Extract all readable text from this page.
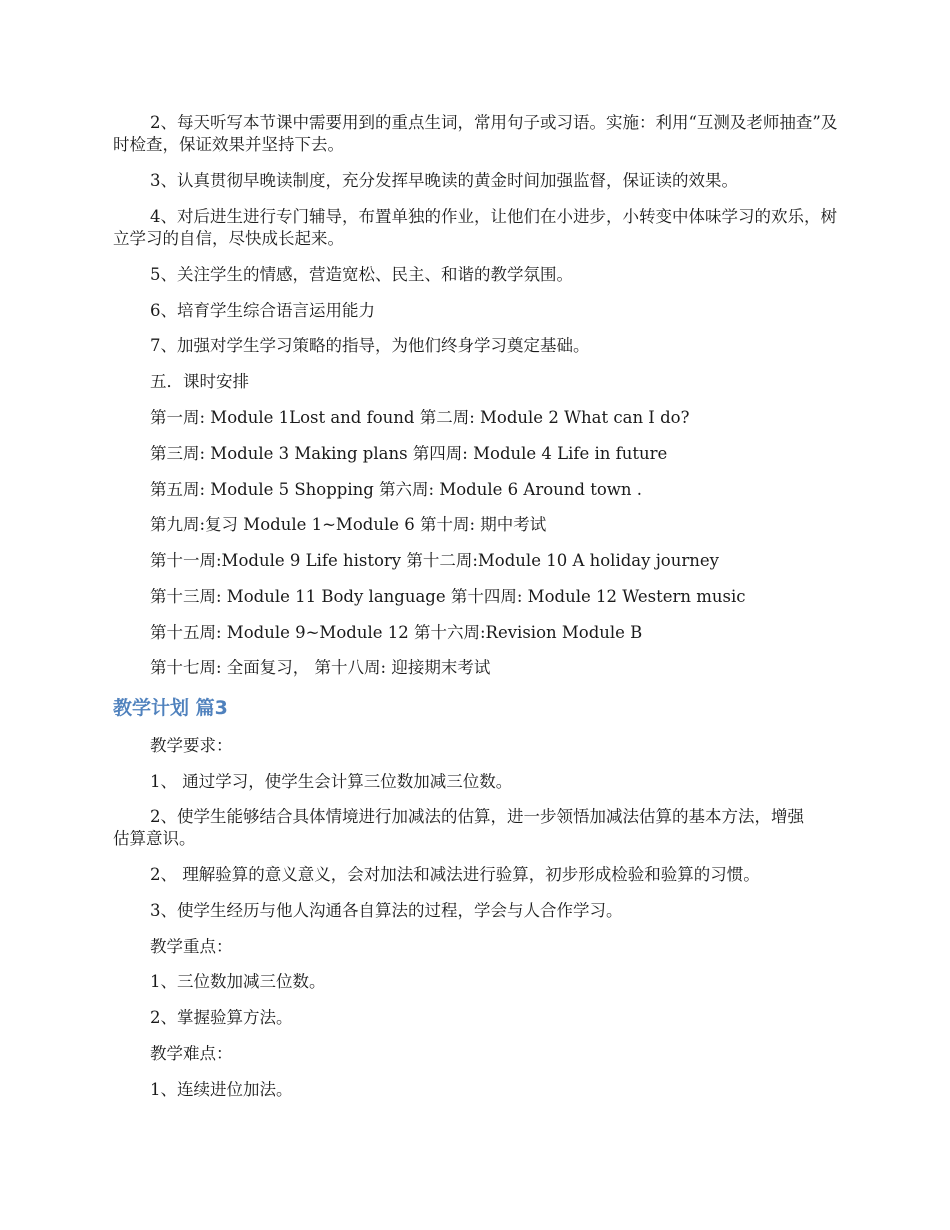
2、每天听写本节课中需要用到的重点生词，常用句子或习语。实施：利用“互测及老师抽查”及时检查，保证效果并坚持下去。
3、认真贯彻早晚读制度，充分发挥早晚读的黄金时间加强监督，保证读的效果。
4、对后进生进行专门辅导，布置单独的作业，让他们在小进步，小转变中体味学习的欢乐，树立学习的自信，尽快成长起来。
5、关注学生的情感，营造宽松、民主、和谐的教学氛围。
6、培育学生综合语言运用能力
7、加强对学生学习策略的指导，为他们终身学习奠定基础。
五．课时安排
第一周: Module 1Lost and found 第二周: Module 2 What can I do?
第三周: Module 3 Making plans 第四周: Module 4 Life in future
第五周: Module 5 Shopping 第六周: Module 6 Around town .
第九周:复习 Module 1~Module 6 第十周: 期中考试
第十一周:Module 9 Life history 第十二周:Module 10 A holiday journey
第十三周: Module 11 Body language 第十四周: Module 12 Western music
第十五周: Module 9~Module 12 第十六周:Revision Module B
第十七周: 全面复习， 第十八周: 迎接期末考试
教学计划 篇3
教学要求：
1、 通过学习，使学生会计算三位数加减三位数。
2、使学生能够结合具体情境进行加减法的估算，进一步领悟加减法估算的基本方法，增强估算意识。
2、 理解验算的意义意义，会对加法和减法进行验算，初步形成检验和验算的习惯。
3、使学生经历与他人沟通各自算法的过程，学会与人合作学习。
教学重点：
1、三位数加减三位数。
2、掌握验算方法。
教学难点：
1、连续进位加法。
